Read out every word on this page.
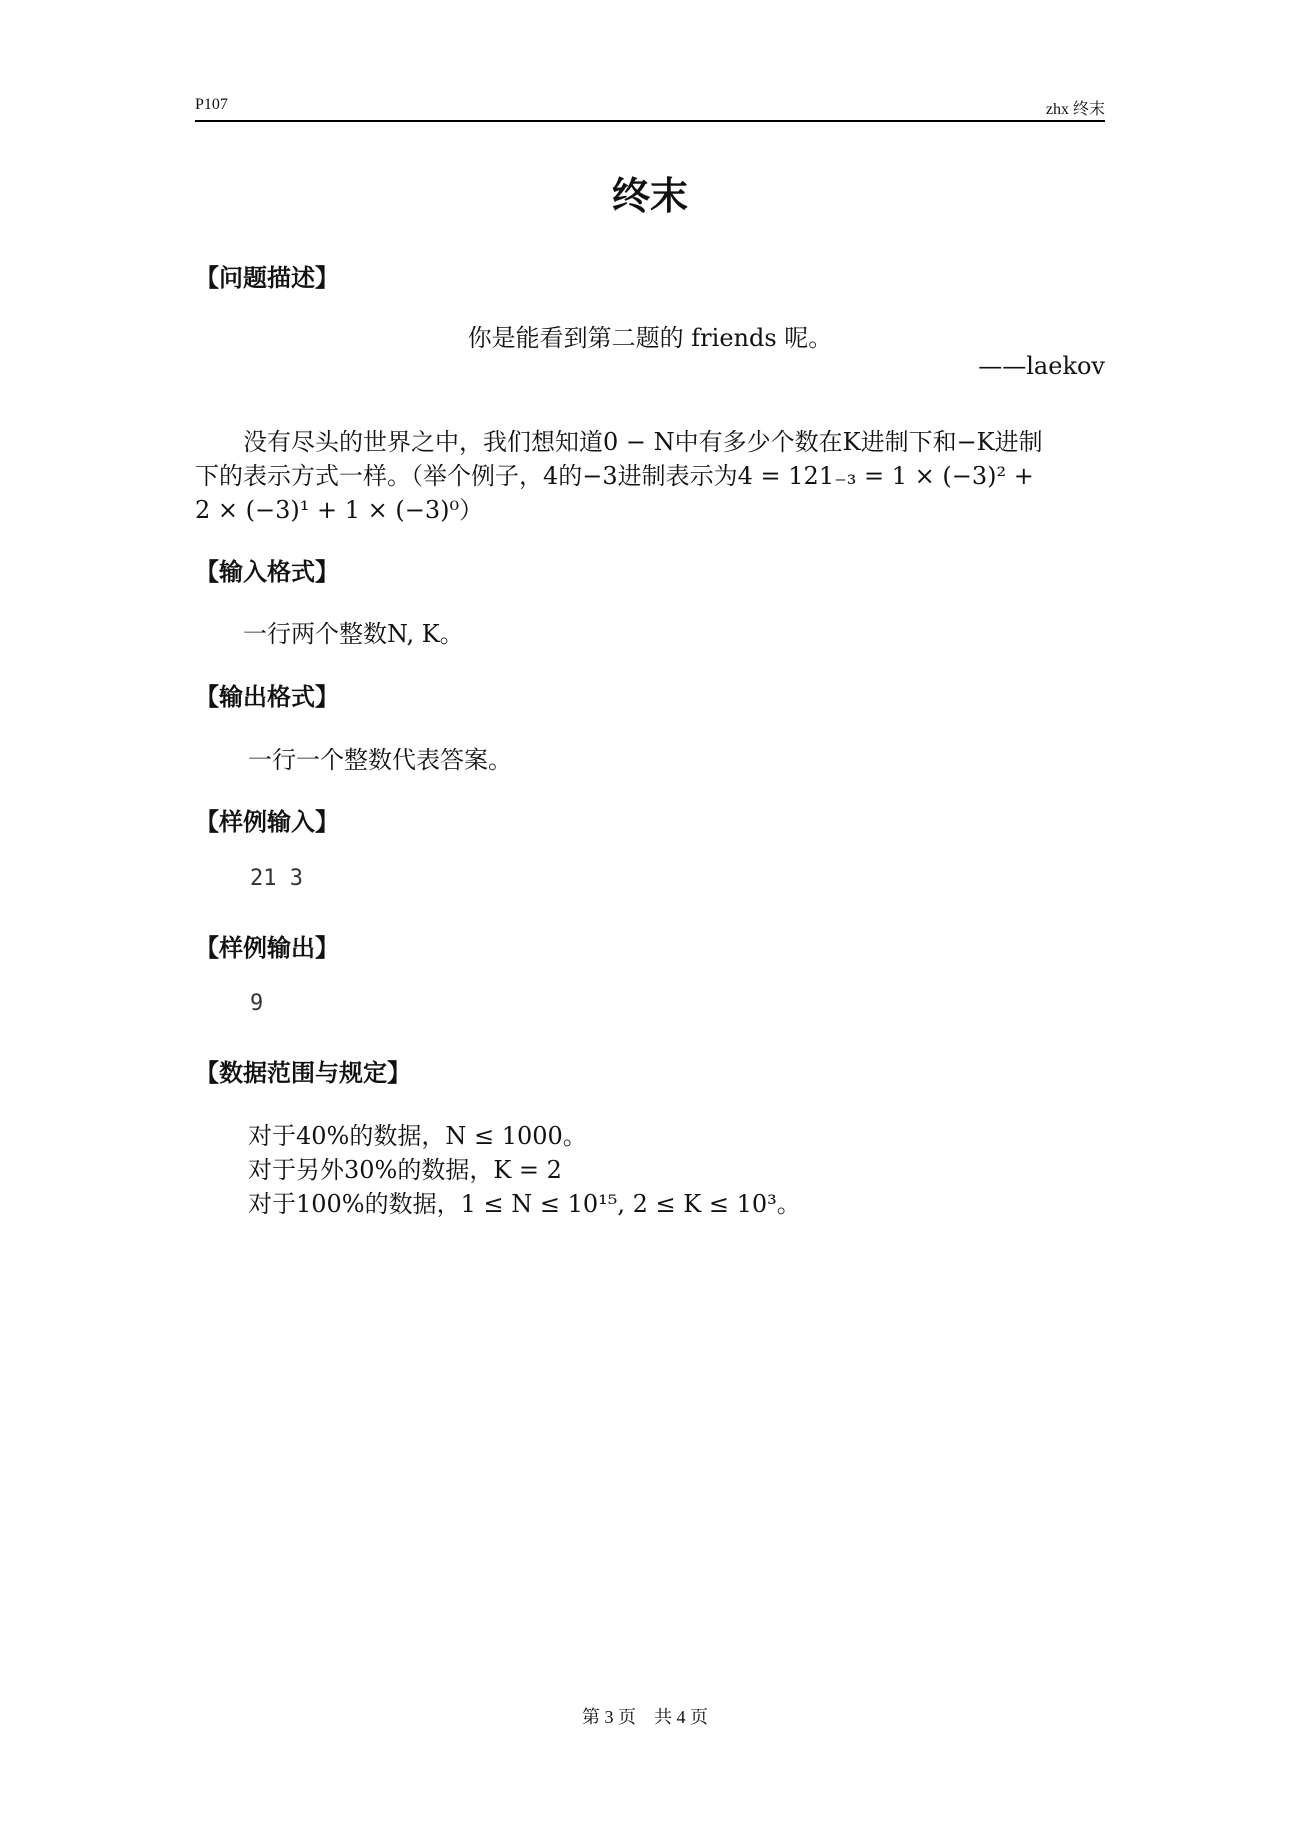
P107	zhx 终末
终末
【问题描述】
你是能看到第二题的 friends 呢。
——laekov
没有尽头的世界之中，我们想知道0 − N中有多少个数在K进制下和−K进制
下的表示方式一样。（举个例子，4的−3进制表示为4 = 121₋₃ = 1 × (−3)² +
2 × (−3)¹ + 1 × (−3)⁰）
【输入格式】
一行两个整数N, K。
【输出格式】
一行一个整数代表答案。
【样例输入】
21 3
【样例输出】
9
【数据范围与规定】
对于40%的数据，N ≤ 1000。
对于另外30%的数据，K = 2
对于100%的数据，1 ≤ N ≤ 10¹⁵, 2 ≤ K ≤ 10³。
第 3 页　共 4 页
